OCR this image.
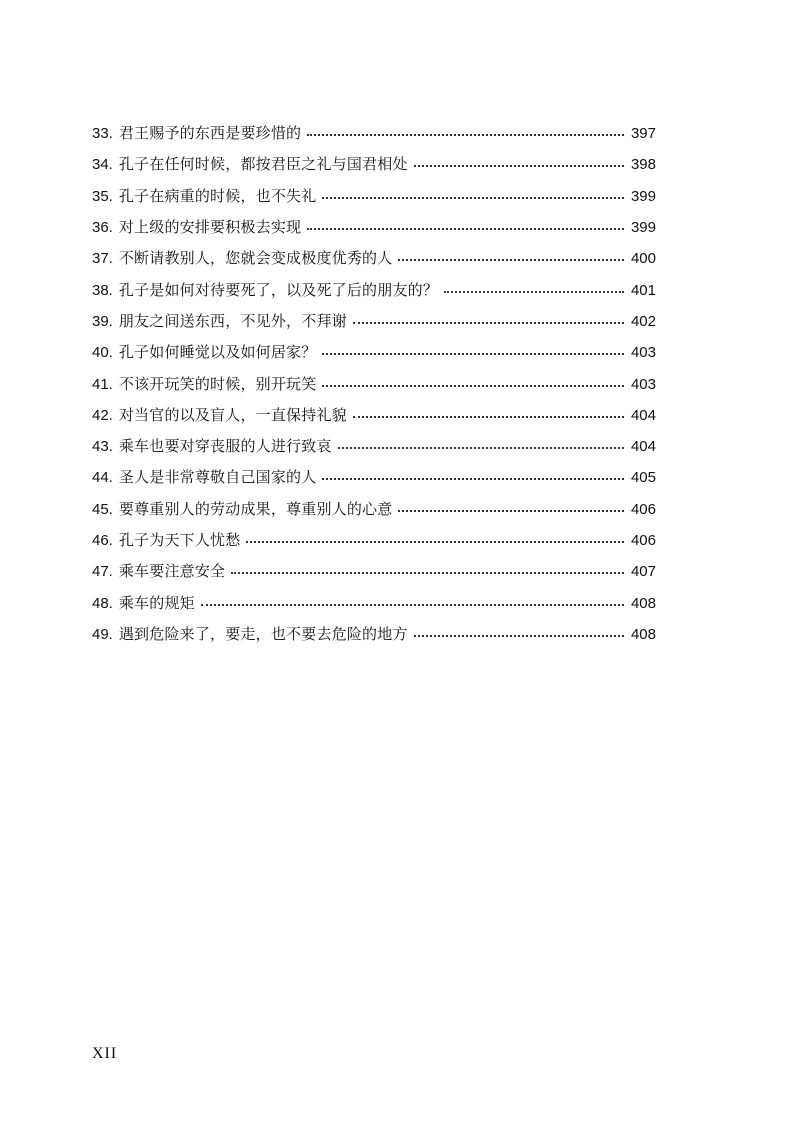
33. 君王赐予的东西是要珍惜的	397
34. 孔子在任何时候，都按君臣之礼与国君相处	398
35. 孔子在病重的时候，也不失礼	399
36. 对上级的安排要积极去实现	399
37. 不断请教别人，您就会变成极度优秀的人	400
38. 孔子是如何对待要死了，以及死了后的朋友的？	401
39. 朋友之间送东西，不见外，不拜谢	402
40. 孔子如何睡觉以及如何居家？	403
41. 不该开玩笑的时候，别开玩笑	403
42. 对当官的以及盲人，一直保持礼貌	404
43. 乘车也要对穿丧服的人进行致哀	404
44. 圣人是非常尊敬自己国家的人	405
45. 要尊重别人的劳动成果，尊重别人的心意	406
46. 孔子为天下人忧愁	406
47. 乘车要注意安全	407
48. 乘车的规矩	408
49. 遇到危险来了，要走，也不要去危险的地方	408
XII
